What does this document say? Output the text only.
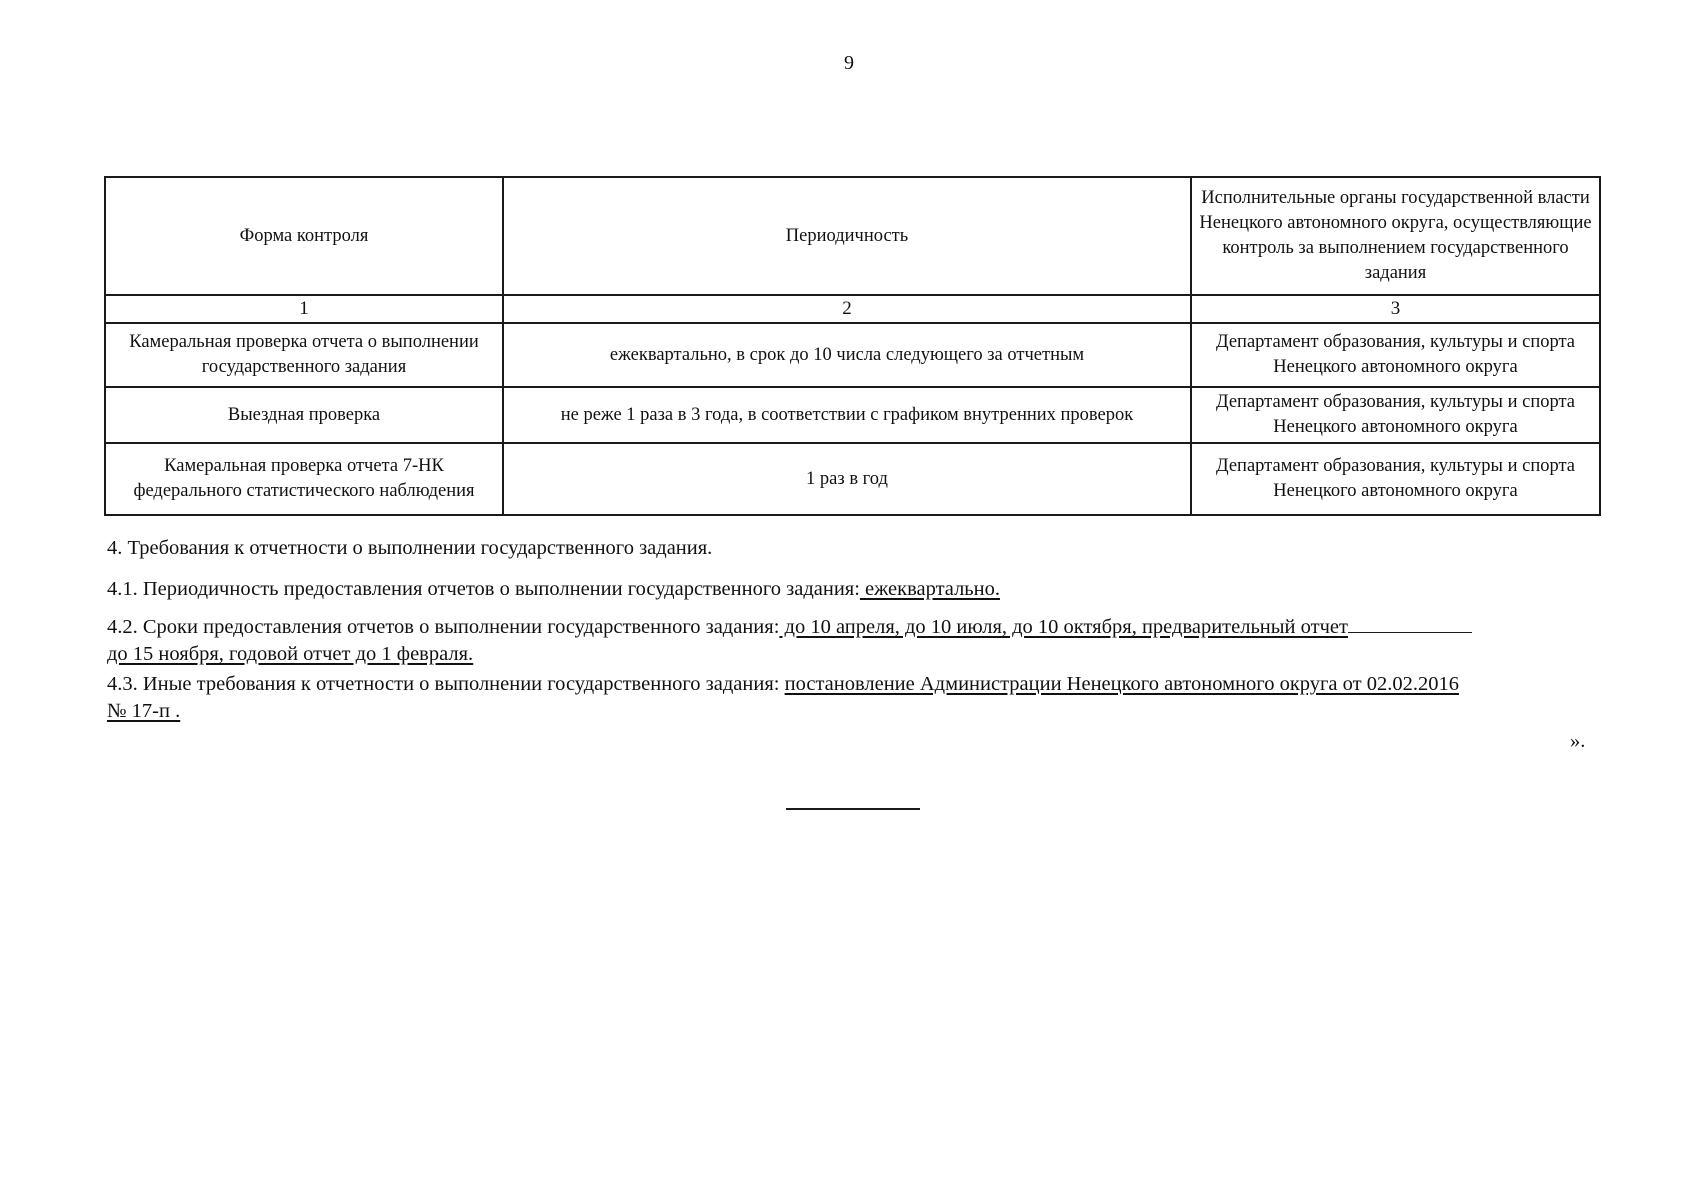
9
Форма контроля	Периодичность	Исполнительные органы государственной власти Ненецкого автономного округа, осуществляющие контроль за выполнением государственного задания
1	2	3
Камеральная проверка отчета о выполнении государственного задания	ежеквартально, в срок до 10 числа следующего за отчетным	Департамент образования, культуры и спорта Ненецкого автономного округа
Выездная проверка	не реже 1 раза в 3 года, в соответствии с графиком внутренних проверок	Департамент образования, культуры и спорта Ненецкого автономного округа
Камеральная проверка отчета 7-НК федерального статистического наблюдения	1 раз в год	Департамент образования, культуры и спорта Ненецкого автономного округа
4. Требования к отчетности о выполнении государственного задания.
4.1. Периодичность предоставления отчетов о выполнении государственного задания: ежеквартально.
4.2. Сроки предоставления отчетов о выполнении государственного задания: до 10 апреля, до 10 июля, до 10 октября, предварительный отчет
до 15 ноября, годовой отчет до 1 февраля.
4.3. Иные требования к отчетности о выполнении государственного задания: постановление Администрации Ненецкого автономного округа от 02.02.2016
№ 17-п .
».
